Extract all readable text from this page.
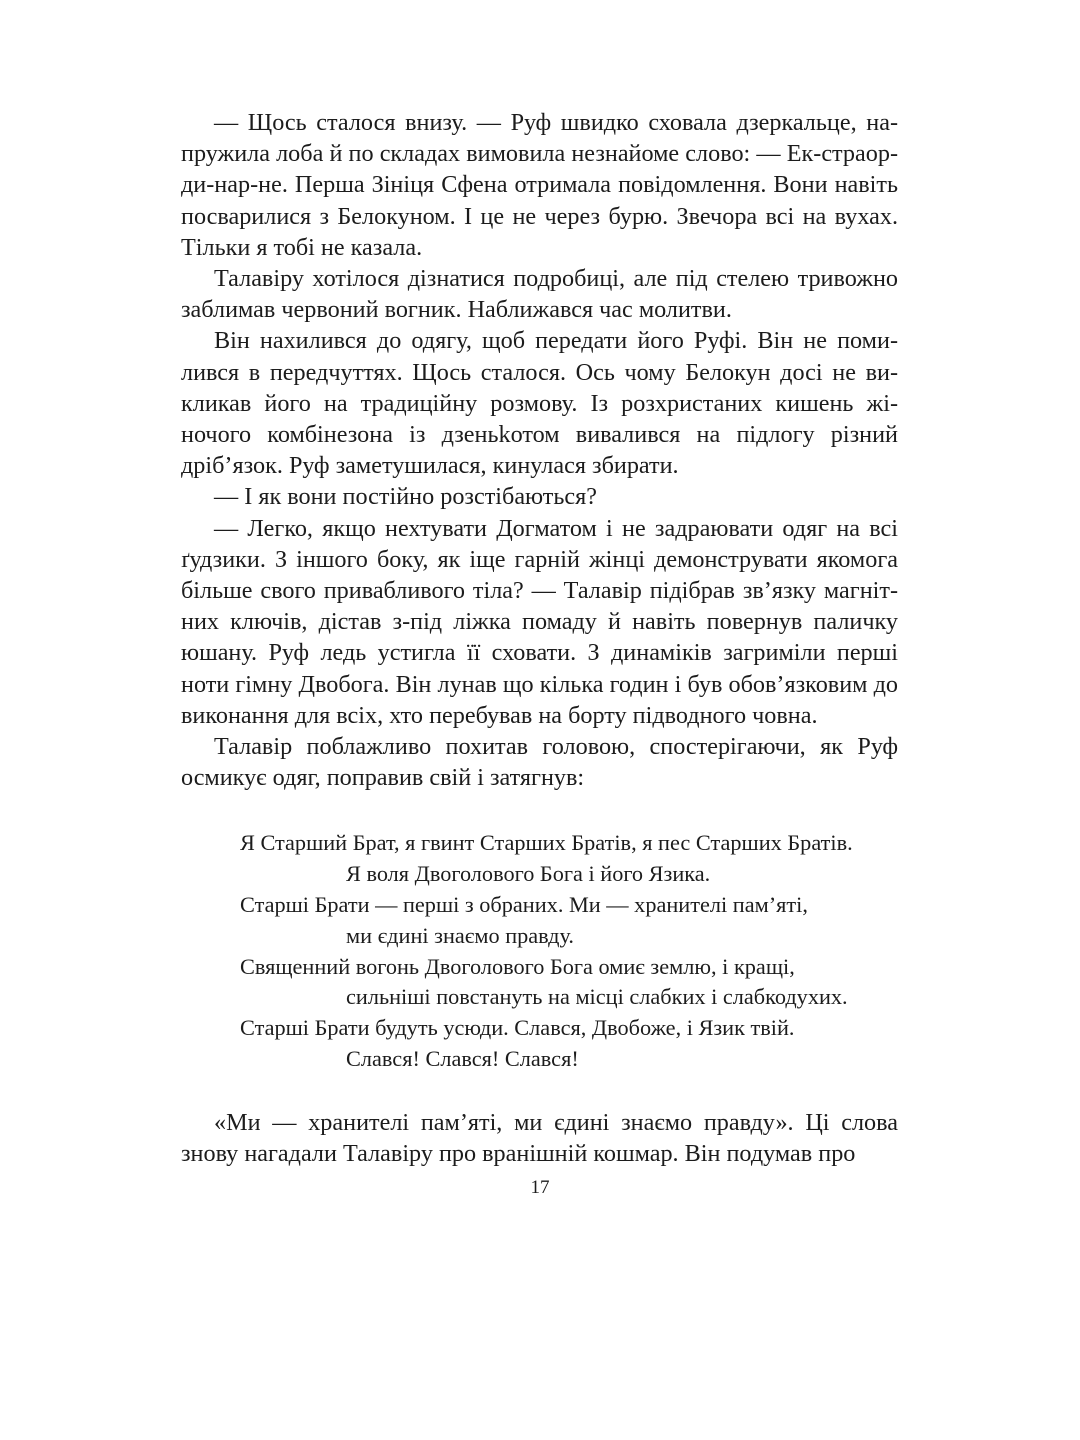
— Щось сталося внизу. — Руф швидко сховала дзеркальце, напружила лоба й по складах вимовила незнайоме слово: — Ек-страор-ди-нар-не. Перша Зініця Сфена отримала повідомлення. Вони навіть посварилися з Белокуном. І це не через бурю. Звечора всі на вухах. Тільки я тобі не казала.

Талавіру хотілося дізнатися подробиці, але під стелею тривожно заблимав червоний вогник. Наближався час молитви.

Він нахилився до одягу, щоб передати його Руфі. Він не помилився в передчуттях. Щось сталося. Ось чому Белокун досі не викликав його на традиційну розмову. Із розхристаних кишень жіночого комбінезона із дзеньkотом вивалився на підлогу різний дріб’язок. Руф заметушилася, кинулася збирати.

— І як вони постійно розстібаються?

— Легко, якщо нехтувати Догматом і не задраювати одяг на всі ґудзики. З іншого боку, як іще гарній жінці демонструвати якомога більше свого привабливого тіла? — Талавір підібрав зв’язку магнітних ключів, дістав з-під ліжка помаду й навіть повернув паличку юшану. Руф ледь устигла її сховати. З динаміків загриміли перші ноти гімну Двобога. Він лунав що кілька годин і був обов’язковим до виконання для всіх, хто перебував на борту підводного човна.

Талавір поблажливо похитав головою, спостерігаючи, як Руф осмикує одяг, поправив свій і затягнув:

Я Старший Брат, я гвинт Старших Братів, я пес Старших Братів.
Я воля Двоголового Бога і його Язика.
Старші Брати — перші з обраних. Ми — хранителі пам’яті,
ми єдині знаємо правду.
Священний вогонь Двоголового Бога омиє землю, і кращі,
сильніші повстануть на місці слабких і слабкодухих.
Старші Брати будуть усюди. Слався, Двобоже, і Язик твій.
Слався! Слався! Слався!

«Ми — хранителі пам’яті, ми єдині знаємо правду». Ці слова знову нагадали Талавіру про вранішній кошмар. Він подумав про

17
